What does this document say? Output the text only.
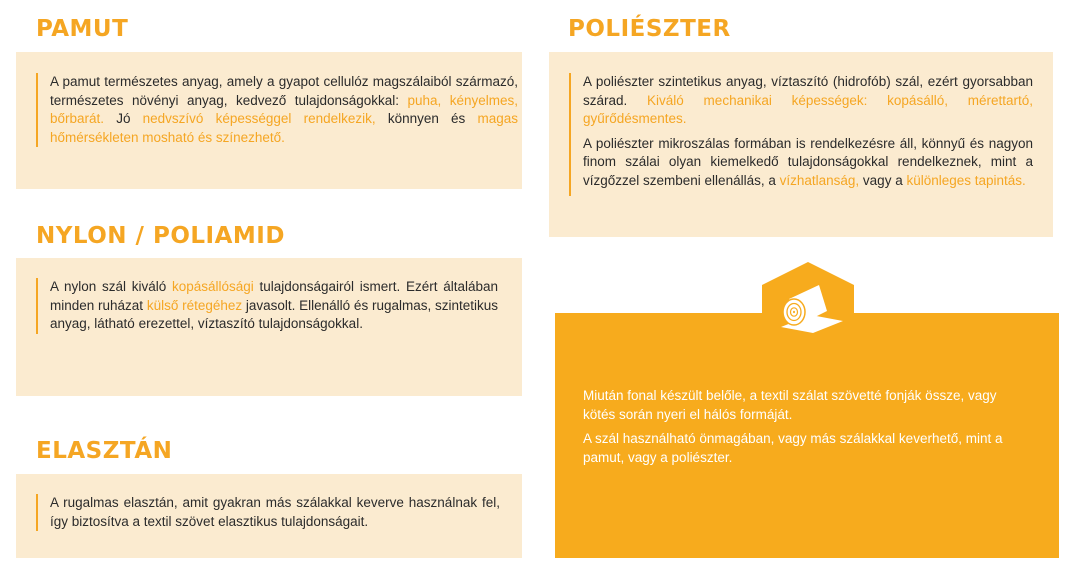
PAMUT
A pamut természetes anyag, amely a gyapot cellulóz magszálaiból származó, természetes növényi anyag, kedvező tulajdonságokkal: puha, kényelmes, bőrbarát. Jó nedvszívó képességgel rendelkezik, könnyen és magas hőmérsékleten mosható és színezhető.
NYLON / POLIAMID
A nylon szál kiváló kopásállósági tulajdonságairól ismert. Ezért általában minden ruházat külső rétegéhez javasolt. Ellenálló és rugalmas, szintetikus anyag, látható erezettel, víztaszító tulajdonságokkal.
ELASZTÁN
A rugalmas elasztán, amit gyakran más szálakkal keverve használnak fel, így biztosítva a textil szövet elasztikus tulajdonságait.
POLIÉSZTER

A poliészter szintetikus anyag, víztaszító (hidrofób) szál, ezért gyorsabban szárad. Kiváló mechanikai képességek: kopásálló, mérettartó, gyűrődésmentes.

A poliészter mikroszálas formában is rendelkezésre áll, könnyű és nagyon finom szálai olyan kiemelkedő tulajdonságokkal rendelkeznek, mint a vízgőzzel szembeni ellenállás, a vízhatlanság, vagy a különleges tapintás.

Miután fonal készült belőle, a textil szálat szövetté fonják össze, vagy kötés során nyeri el hálós formáját.

A szál használható önmagában, vagy más szálakkal keverhető, mint a pamut, vagy a poliészter.
